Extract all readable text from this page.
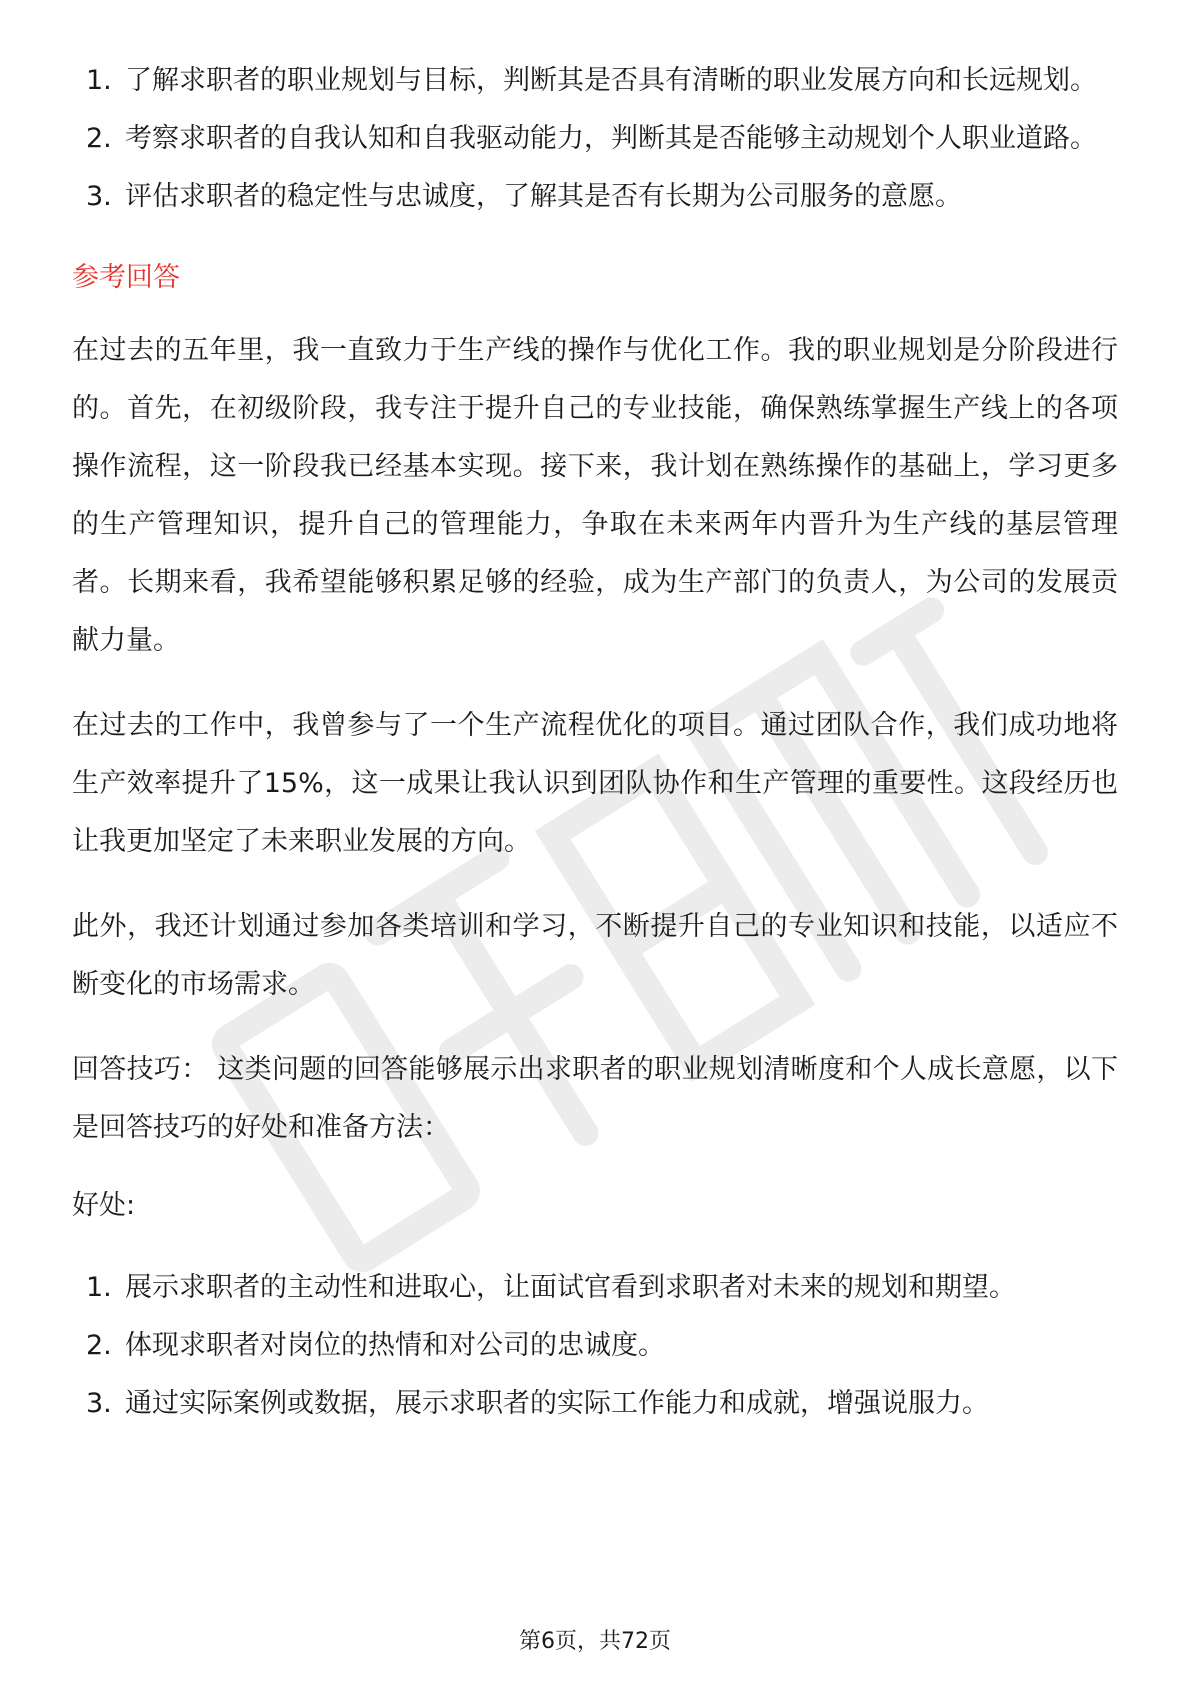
1. 了解求职者的职业规划与目标，判断其是否具有清晰的职业发展方向和长远规划。
2. 考察求职者的自我认知和自我驱动能力，判断其是否能够主动规划个人职业道路。
3. 评估求职者的稳定性与忠诚度，了解其是否有长期为公司服务的意愿。
参考回答

在过去的五年里，我一直致力于生产线的操作与优化工作。我的职业规划是分阶段进行的。首先，在初级阶段，我专注于提升自己的专业技能，确保熟练掌握生产线上的各项操作流程，这一阶段我已经基本实现。接下来，我计划在熟练操作的基础上，学习更多的生产管理知识，提升自己的管理能力，争取在未来两年内晋升为生产线的基层管理者。长期来看，我希望能够积累足够的经验，成为生产部门的负责人，为公司的发展贡献力量。

在过去的工作中，我曾参与了一个生产流程优化的项目。通过团队合作，我们成功地将生产效率提升了15%，这一成果让我认识到团队协作和生产管理的重要性。这段经历也让我更加坚定了未来职业发展的方向。

此外，我还计划通过参加各类培训和学习，不断提升自己的专业知识和技能，以适应不断变化的市场需求。

回答技巧： 这类问题的回答能够展示出求职者的职业规划清晰度和个人成长意愿，以下是回答技巧的好处和准备方法：

好处:
1. 展示求职者的主动性和进取心，让面试官看到求职者对未来的规划和期望。
2. 体现求职者对岗位的热情和对公司的忠诚度。
3. 通过实际案例或数据，展示求职者的实际工作能力和成就，增强说服力。
第6页，共72页
